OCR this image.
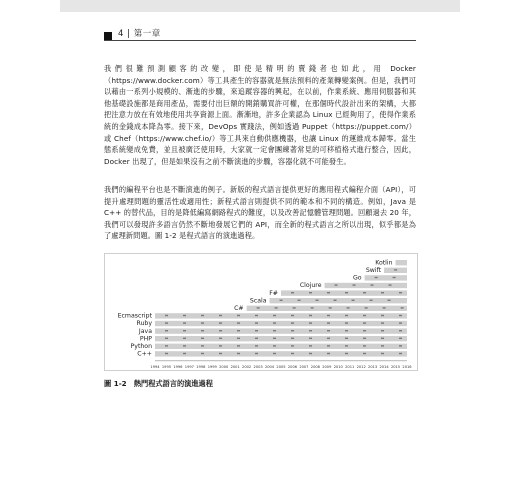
4 | 第一章

我們很難預測顧客的改變，即使是精明的賣錢者也如此，用 Docker（https://www.docker.com）等工具產生的容器就是無法預料的產業轉變案例。但是，我們可以藉由一系列小規模的、漸進的步驟，來追蹤容器的興起，在以前，作業系統、應用伺服器和其他基礎設施都是商用產品，需要付出巨額的開銷購買許可權，在那個時代設計出來的架構，大都把注意力放在有效地使用共享資源上面。漸漸地，許多企業認為 Linux 已經夠用了，使得作業系統的金錢成本降為零。接下來，DevOps 實踐法，例如透過 Puppet（https://puppet.com/）或 Chef（https://www.chef.io/）等工具來自動供應機器，也讓 Linux 的運維成本歸零。當生態系統變成免費，並且被廣泛使用時，大家就一定會團練著常見的可移植格式進行整合，因此，Docker 出現了，但是如果沒有之前不斷演進的步驟，容器化就不可能發生。

我們的編程平台也是不斷演進的例子。新版的程式語言提供更好的應用程式編程介面（API），可提升處理問題的靈活性或適用性；新程式語言則提供不同的範本和不同的構造。例如，Java 是 C++ 的替代品，目的是降低編寫網路程式的難度，以及改善記憶體管理問題。回顧過去 20 年，我們可以發現許多語言仍然不斷地發展它們的 API，而全新的程式語言之所以出現，似乎都是為了處理新問題。圖 1-2 是程式語言的演進過程。

Kotlin
Swift
Go
Clojure
F#
Scala
C#
Ecmascript
Ruby
Java
PHP
Python
C++
1994 1995 1996 1997 1998 1999 2000 2001 2002 2003 2004 2005 2006 2007 2008 2009 2010 2011 2012 2013 2014 2015 2016
圖 1-2　熱門程式語言的演進過程
